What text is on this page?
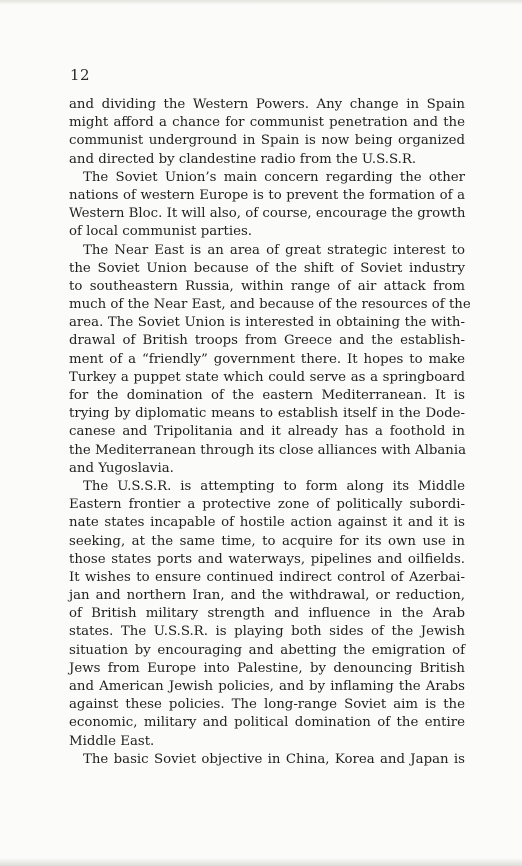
12
and dividing the Western Powers. Any change in Spain
might afford a chance for communist penetration and the
communist underground in Spain is now being organized
and directed by clandestine radio from the U.S.S.R.
The Soviet Union’s main concern regarding the other
nations of western Europe is to prevent the formation of a
Western Bloc. It will also, of course, encourage the growth
of local communist parties.
The Near East is an area of great strategic interest to
the Soviet Union because of the shift of Soviet industry
to southeastern Russia, within range of air attack from
much of the Near East, and because of the resources of the
area. The Soviet Union is interested in obtaining the with-
drawal of British troops from Greece and the establish-
ment of a “friendly” government there. It hopes to make
Turkey a puppet state which could serve as a springboard
for the domination of the eastern Mediterranean. It is
trying by diplomatic means to establish itself in the Dode-
canese and Tripolitania and it already has a foothold in
the Mediterranean through its close alliances with Albania
and Yugoslavia.
The U.S.S.R. is attempting to form along its Middle
Eastern frontier a protective zone of politically subordi-
nate states incapable of hostile action against it and it is
seeking, at the same time, to acquire for its own use in
those states ports and waterways, pipelines and oilfields.
It wishes to ensure continued indirect control of Azerbai-
jan and northern Iran, and the withdrawal, or reduction,
of British military strength and influence in the Arab
states. The U.S.S.R. is playing both sides of the Jewish
situation by encouraging and abetting the emigration of
Jews from Europe into Palestine, by denouncing British
and American Jewish policies, and by inflaming the Arabs
against these policies. The long-range Soviet aim is the
economic, military and political domination of the entire
Middle East.
The basic Soviet objective in China, Korea and Japan is
